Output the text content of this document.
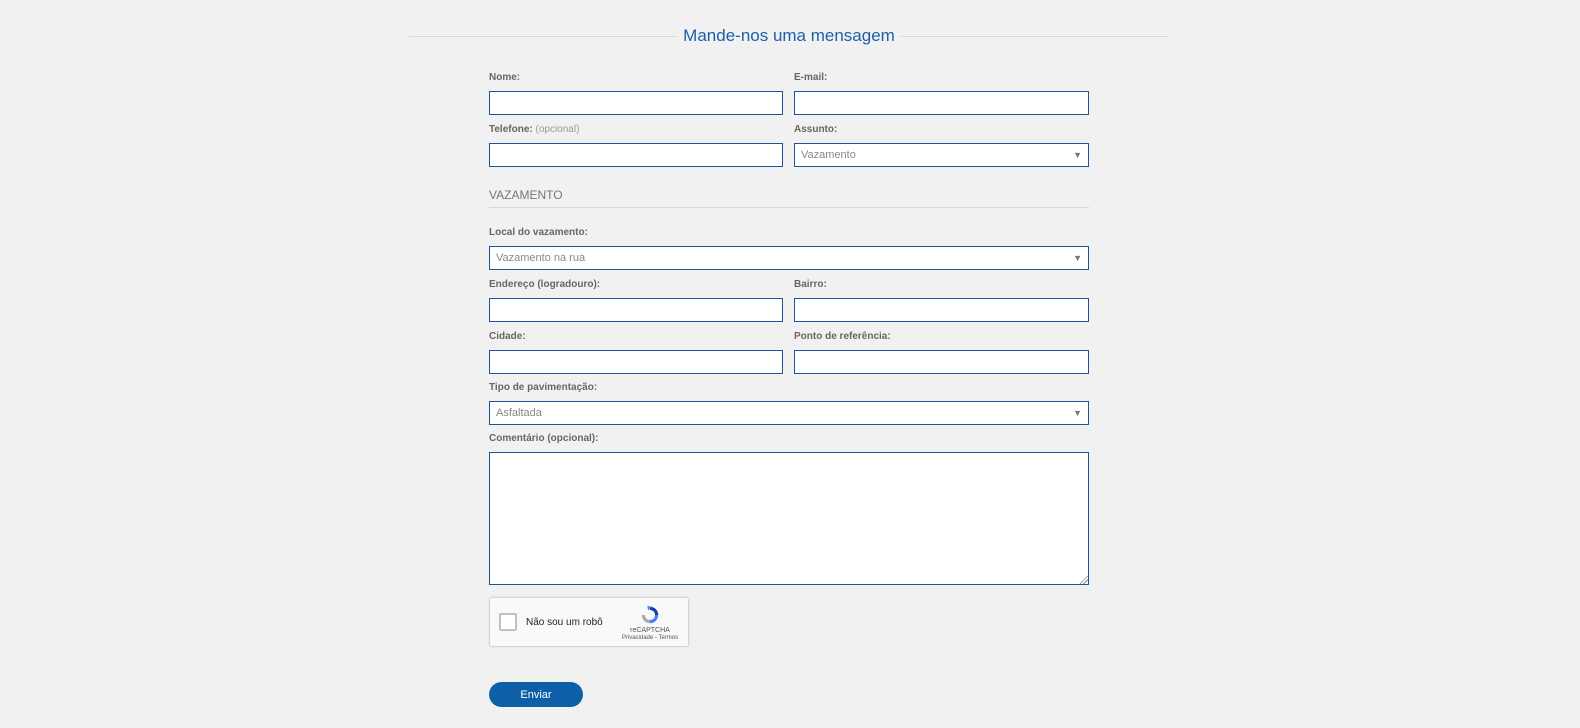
Mande-nos uma mensagem
Nome:	E-mail:
Telefone: (opcional)	Assunto:
Vazamento	▼
VAZAMENTO
Local do vazamento:
Vazamento na rua	▼
Endereço (logradouro):	Bairro:
Cidade:	Ponto de referência:
Tipo de pavimentação:
Asfaltada	▼
Comentário (opcional):
Não sou um robô
reCAPTCHA
Privacidade - Termos
Enviar
